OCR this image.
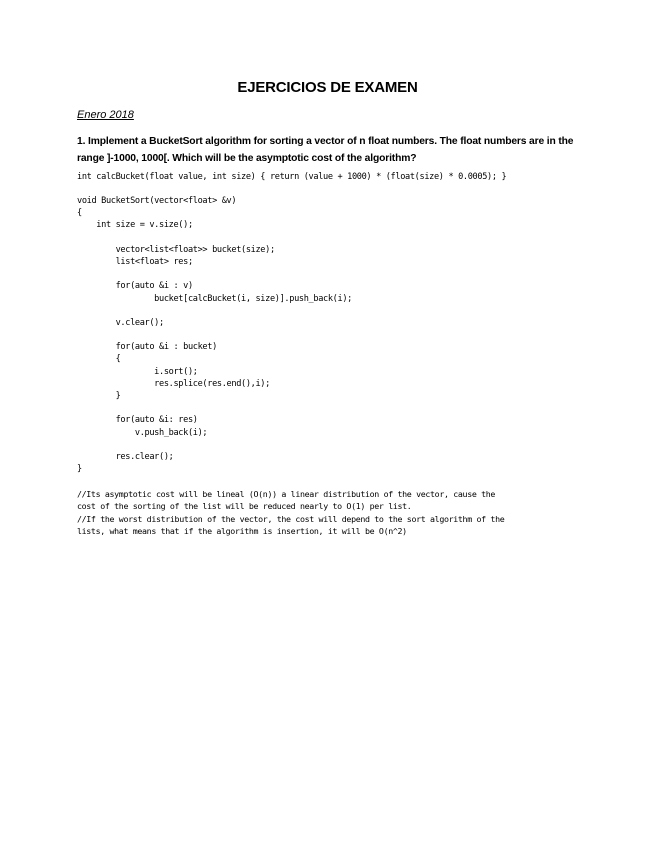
EJERCICIOS DE EXAMEN

Enero 2018

1. Implement a BucketSort algorithm for sorting a vector of n float numbers. The float numbers are in the range ]-1000, 1000[. Which will be the asymptotic cost of the algorithm?

int calcBucket(float value, int size) { return (value + 1000) * (float(size) * 0.0005); }
void BucketSort(vector<float> &v)
{
int size = v.size();

vector<list<float>> bucket(size);
list<float> res;

for(auto &i : v)
bucket[calcBucket(i, size)].push_back(i);

v.clear();

for(auto &i : bucket)
{
i.sort();
res.splice(res.end(),i);
}

for(auto &i: res)
v.push_back(i);

res.clear();
}
//Its asymptotic cost will be lineal (O(n)) a linear distribution of the vector, cause the
cost of the sorting of the list will be reduced nearly to O(1) per list.
//If the worst distribution of the vector, the cost will depend to the sort algorithm of the
lists, what means that if the algorithm is insertion, it will be O(n^2)
